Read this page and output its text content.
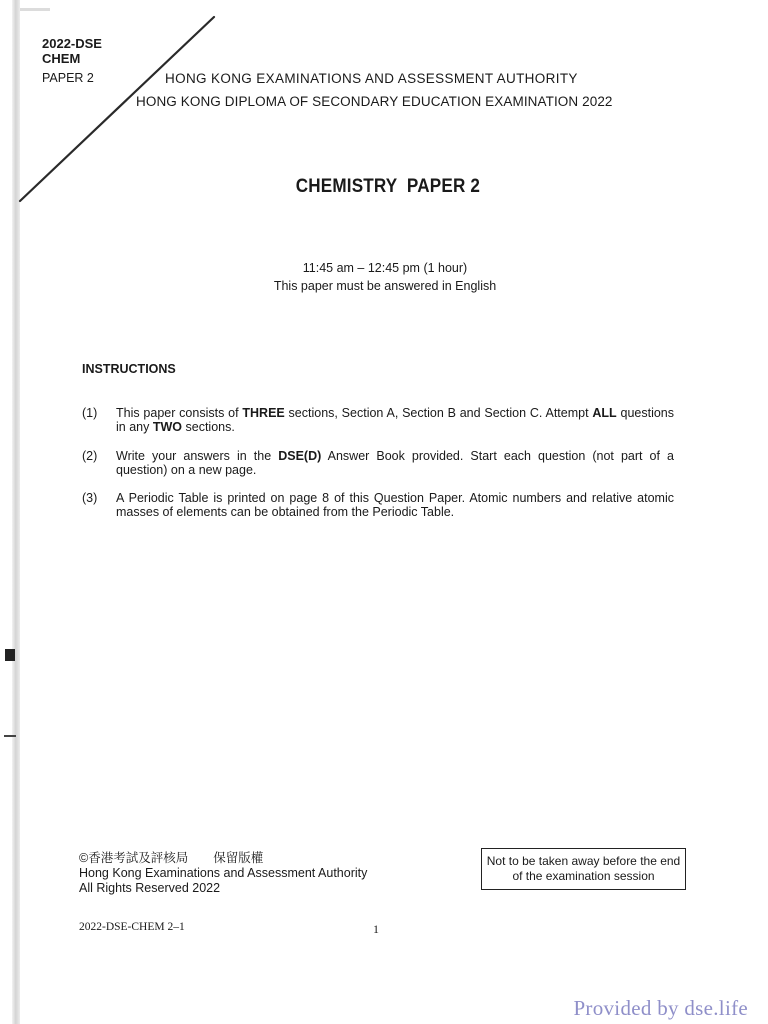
2022-DSE
CHEM
PAPER 2	HONG KONG EXAMINATIONS AND ASSESSMENT AUTHORITY
HONG KONG DIPLOMA OF SECONDARY EDUCATION EXAMINATION 2022
CHEMISTRY  PAPER 2
11:45 am – 12:45 pm (1 hour)
This paper must be answered in English
INSTRUCTIONS
(1) This paper consists of THREE sections, Section A, Section B and Section C. Attempt ALL questions in any TWO sections.
(2) Write your answers in the DSE(D) Answer Book provided. Start each question (not part of a question) on a new page.
(3) A Periodic Table is printed on page 8 of this Question Paper. Atomic numbers and relative atomic masses of elements can be obtained from the Periodic Table.
©香港考試及評核局　　保留版權
Hong Kong Examinations and Assessment Authority
All Rights Reserved 2022
Not to be taken away before the end of the examination session
2022-DSE-CHEM 2–1	1
Provided by dse.life
